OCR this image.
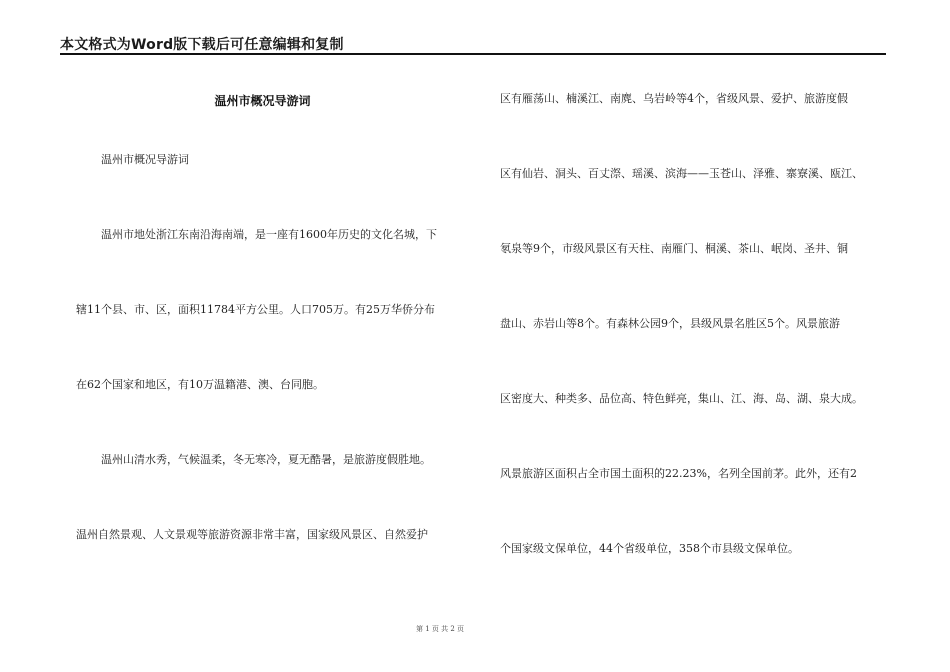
本文格式为Word版下载后可任意编辑和复制
温州市概况导游词
温州市概况导游词
温州市地处浙江东南沿海南端，是一座有1600年历史的文化名城，下
辖11个县、市、区，面积11784平方公里。人口705万。有25万华侨分布
在62个国家和地区，有10万温籍港、澳、台同胞。
温州山清水秀，气候温柔，冬无寒冷，夏无酷暑，是旅游度假胜地。
温州自然景观、人文景观等旅游资源非常丰富，国家级风景区、自然爱护
区有雁荡山、楠溪江、南麂、乌岩岭等4个，省级风景、爱护、旅游度假
区有仙岩、洞头、百丈漈、瑶溪、滨海——玉苍山、泽雅、寨寮溪、瓯江、
氡泉等9个，市级风景区有天柱、南雁门、桐溪、茶山、岷岗、圣井、铜
盘山、赤岩山等8个。有森林公园9个，县级风景名胜区5个。风景旅游
区密度大、种类多、品位高、特色鲜亮，集山、江、海、岛、湖、泉大成。
风景旅游区面积占全市国土面积的22.23%，名列全国前茅。此外，还有2
个国家级文保单位，44个省级单位，358个市县级文保单位。
第 1 页 共 2 页
